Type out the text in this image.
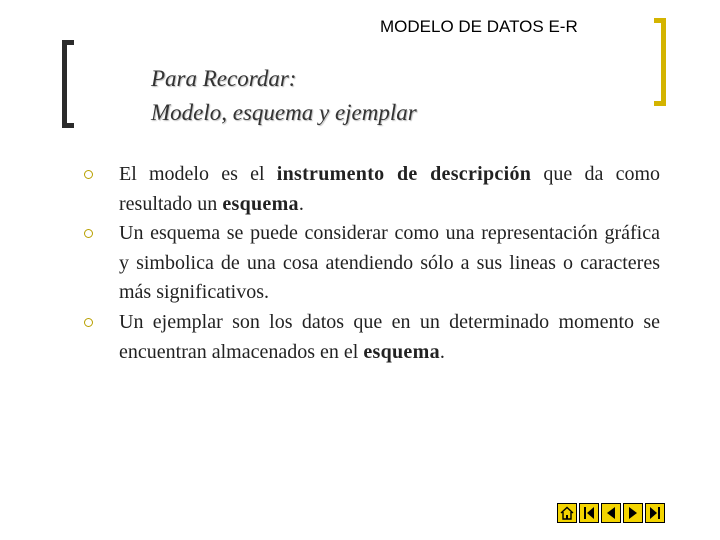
MODELO DE DATOS E-R
Para Recordar:
Modelo, esquema y ejemplar
El modelo es el instrumento de descripción que da como resultado un esquema.
Un esquema se puede considerar como una representación gráfica y simbolica de una cosa atendiendo sólo a sus lineas o caracteres más significativos.
Un ejemplar son los datos que en un determinado momento se encuentran almacenados en el esquema.
